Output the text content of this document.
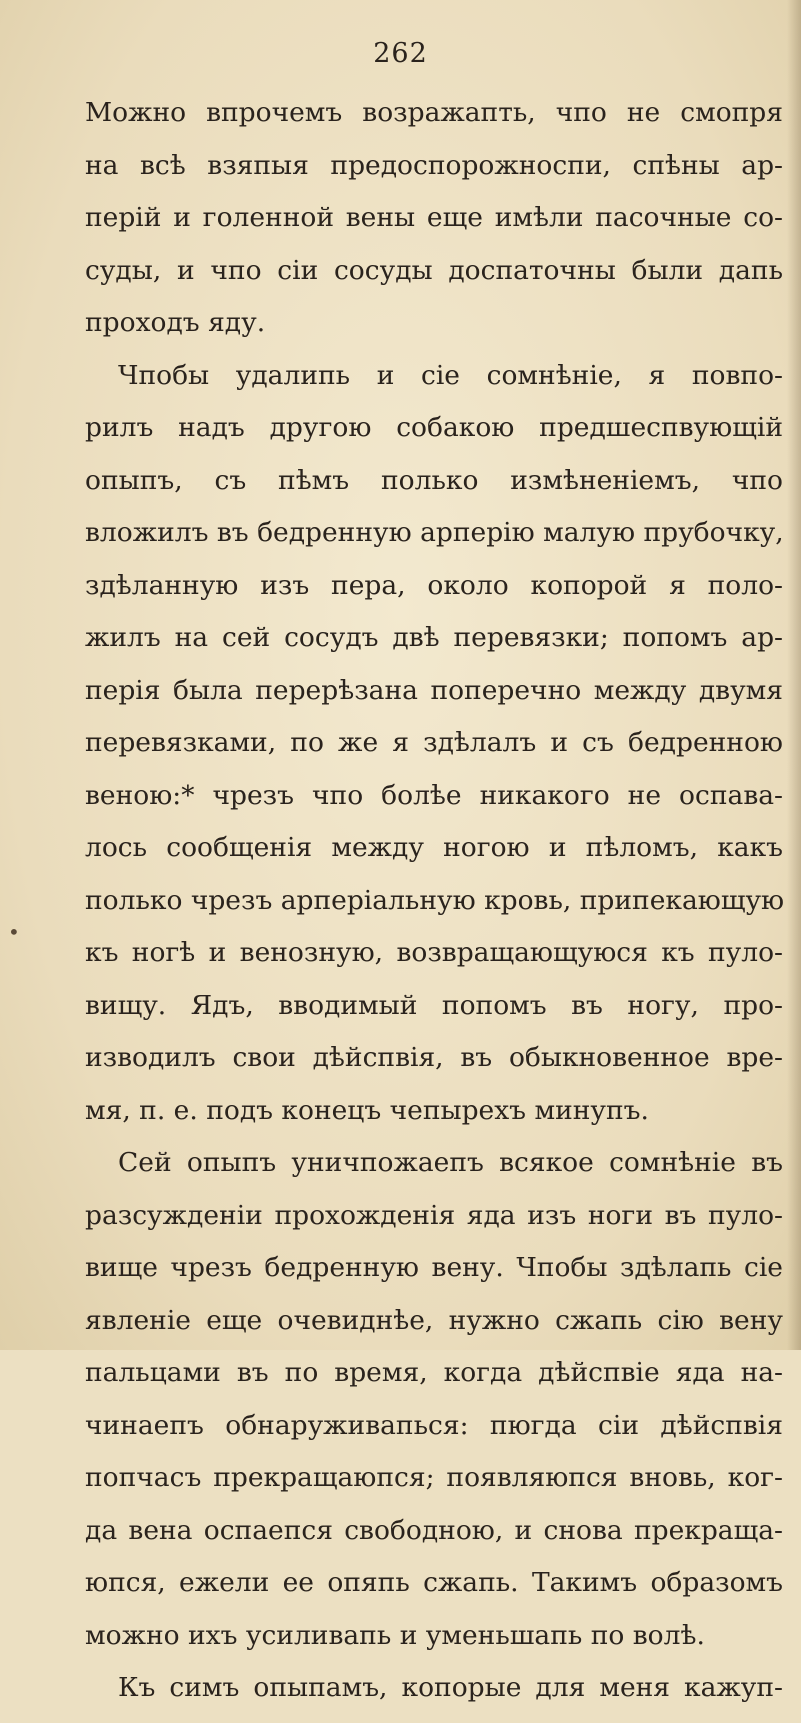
262
•
Можно впрочемъ возражапть, чпо не смопря
на всѣ взяпыя предоспорожноспи, спѣны ар-
перій и голенной вены еще имѣли пасочные со-
суды, и чпо сіи сосуды доспаточны были дапь
проходъ яду.
Чпобы удалипь и сіе сомнѣніе, я повпо-
рилъ надъ другою собакою предшеспвующій
опыпъ, съ пѣмъ полько измѣненіемъ, чпо
вложилъ въ бедренную арперію малую прубочку,
здѣланную изъ пера, около копорой я поло-
жилъ на сей сосудъ двѣ перевязки; попомъ ар-
перія была перерѣзана поперечно между двумя
перевязками, по же я здѣлалъ и съ бедренною
веною:* чрезъ чпо болѣе никакого не оспава-
лось сообщенія между ногою и пѣломъ, какъ
полько чрезъ арперіальную кровь, припекающую
къ ногѣ и венозную, возвращающуюся къ пуло-
вищу. Ядъ, вводимый попомъ въ ногу, про-
изводилъ свои дѣйспвія, въ обыкновенное вре-
мя, п. е. подъ конецъ чепырехъ минупъ.
Сей опыпъ уничпожаепъ всякое сомнѣніе въ
разсужденіи прохожденія яда изъ ноги въ пуло-
вище чрезъ бедренную вену. Чпобы здѣлапь сіе
явленіе еще очевиднѣе, нужно сжапь сію вену
пальцами въ по время, когда дѣйспвіе яда на-
чинаепъ обнаруживапься: пюгда сіи дѣйспвія
попчасъ прекращаюпся; появляюпся вновь, ког-
да вена оспаепся свободною, и снова прекраща-
юпся, ежели ее опяпь сжапь. Такимъ образомъ
можно ихъ усиливапь и уменьшапь по волѣ.
Къ симъ опыпамъ, копорые для меня кажуп-
